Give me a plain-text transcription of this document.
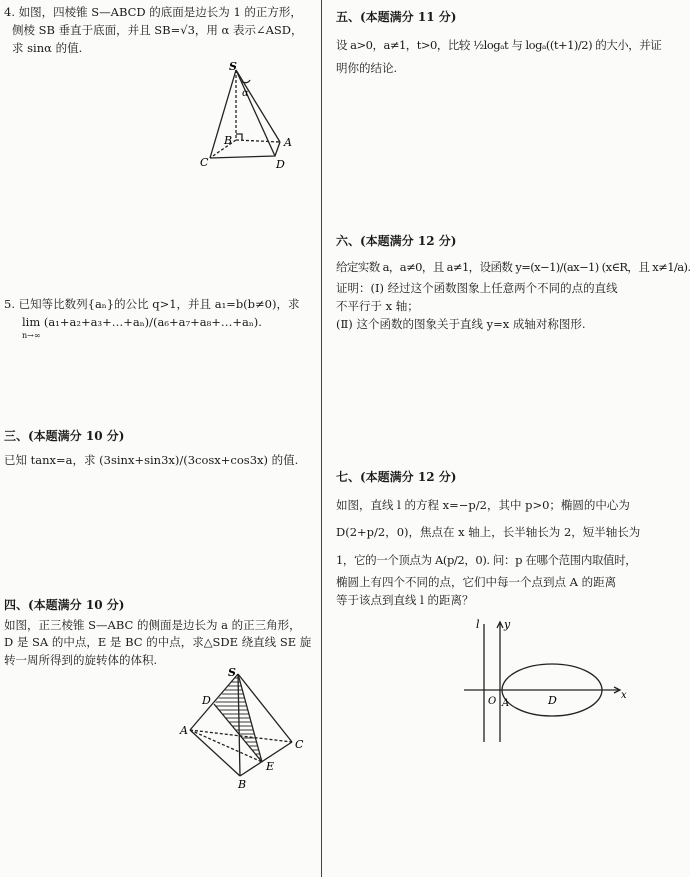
4. 如图，四棱锥 S—ABCD 的底面是边长为 1 的正方形，
侧棱 SB 垂直于底面，并且 SB=√3，用 α 表示∠ASD，
求 sinα 的值.
S
α
B	A
C	D
5. 已知等比数列{aₙ}的公比 q>1，并且 a₁=b(b≠0)，求
lim (a₁+a₂+a₃+…+aₙ)/(a₆+a₇+a₈+…+aₙ).
n→∞
三、(本题满分 10 分)
已知 tanx=a，求 (3sinx+sin3x)/(3cosx+cos3x) 的值.
四、(本题满分 10 分)
如图，正三棱锥 S—ABC 的侧面是边长为 a 的正三角形，
D 是 SA 的中点，E 是 BC 的中点，求△SDE 绕直线 SE 旋
转一周所得到的旋转体的体积.
S
D
A
C
E
B
五、(本题满分 11 分)
设 a>0，a≠1，t>0，比较 ½logₐt 与 logₐ((t+1)/2) 的大小，并证
明你的结论.
六、(本题满分 12 分)
给定实数 a，a≠0，且 a≠1，设函数 y=(x−1)/(ax−1) (x∈R，且 x≠1/a).
证明：(Ⅰ) 经过这个函数图象上任意两个不同的点的直线
不平行于 x 轴；
(Ⅱ) 这个函数的图象关于直线 y=x 成轴对称图形.
七、(本题满分 12 分)
如图，直线 l 的方程 x=−p/2，其中 p>0；椭圆的中心为
D(2+p/2，0)，焦点在 x 轴上，长半轴长为 2，短半轴长为
1，它的一个顶点为 A(p/2，0). 问：p 在哪个范围内取值时，
椭圆上有四个不同的点，它们中每一个点到点 A 的距离
等于该点到直线 l 的距离？
l y
O A	D	x
